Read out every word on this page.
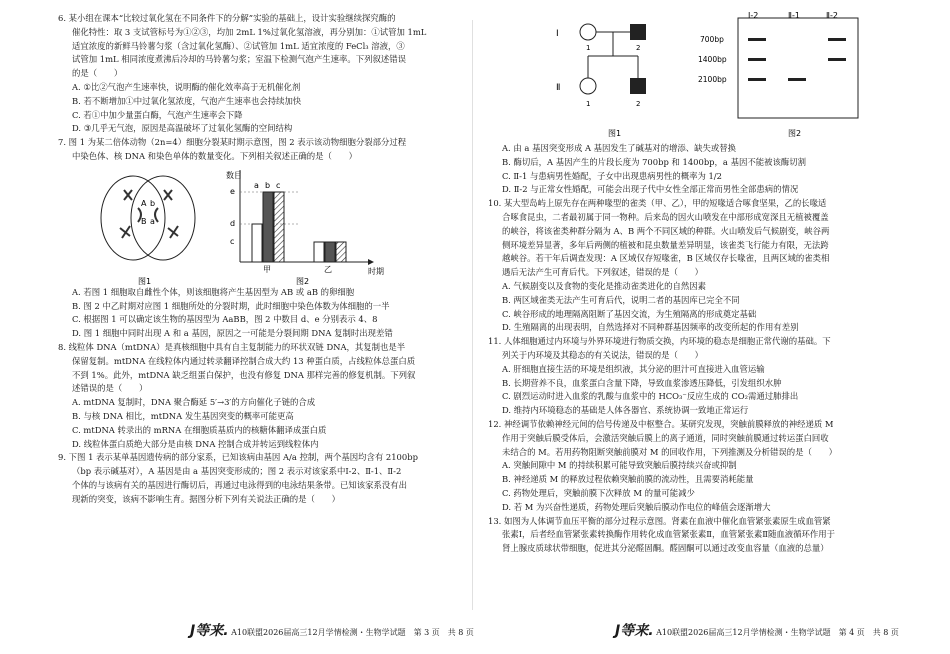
6. 某小组在课本“比较过氧化氢在不同条件下的分解”实验的基础上，设计实验继续探究酶的

催化特性：取 3 支试管标号为①②③，均加 2mL 1%过氧化氢溶液，再分别加：①试管加 1mL

适宜浓度的新鲜马铃薯匀浆（含过氧化氢酶）、②试管加 1mL 适宜浓度的 FeCl₃ 溶液，③

试管加 1mL 相同浓度煮沸后冷却的马铃薯匀浆；室温下检测气泡产生速率。下列叙述错误

的是（　　）

A. ①比②气泡产生速率快，说明酶的催化效率高于无机催化剂

B. 若不断增加①中过氧化氢浓度，气泡产生速率也会持续加快

C. 若①中加少量蛋白酶，气泡产生速率会下降

D. ③几乎无气泡，原因是高温破坏了过氧化氢酶的空间结构

7. 图 1 为某二倍体动物（2n=4）细胞分裂某时期示意图，图 2 表示该动物细胞分裂部分过程

中染色体、核 DNA 和染色单体的数量变化。下列相关叙述正确的是（　　）

A
B
b
a
图1
数目
e
d
c
a b c
甲	乙	时期
图2

A. 若图 1 细胞取自雌性个体，则该细胞将产生基因型为 AB 或 aB 的卵细胞

B. 图 2 中乙时期对应图 1 细胞所处的分裂时期，此时细胞中染色体数为体细胞的一半

C. 根据图 1 可以确定该生物的基因型为 AaBB，图 2 中数目 d、e 分别表示 4、8

D. 图 1 细胞中同时出现 A 和 a 基因，原因之一可能是分裂间期 DNA 复制时出现差错

8. 线粒体 DNA（mtDNA）是真核细胞中具有自主复制能力的环状双链 DNA，其复制也是半

保留复制。mtDNA 在线粒体内通过转录翻译控制合成大约 13 种蛋白质，占线粒体总蛋白质

不到 1%。此外，mtDNA 缺乏组蛋白保护，也没有修复 DNA 那样完善的修复机制。下列叙

述错误的是（　　）

A. mtDNA 复制时，DNA 聚合酶延 5′→3′的方向催化子链的合成

B. 与核 DNA 相比，mtDNA 发生基因突变的概率可能更高

C. mtDNA 转录出的 mRNA 在细胞质基质内的核糖体翻译成蛋白质

D. 线粒体蛋白质绝大部分是由核 DNA 控制合成并转运到线粒体内

9. 下图 1 表示某单基因遗传病的部分家系，已知该病由基因 A/a 控制，两个基因均含有 2100bp

（bp 表示碱基对），A 基因是由 a 基因突变形成的；图 2 表示对该家系中Ⅰ-2、Ⅱ-1、Ⅱ-2

个体的与该病有关的基因进行酶切后，再通过电泳得到的电泳结果条带。已知该家系没有出

现新的突变，该病不影响生育。据图分析下列有关说法正确的是（　　）

J等来. A10联盟2026届高三12月学情检测・生物学试题　第 3 页　共 8 页
Ⅰ
Ⅱ
1	2
1	2
图1
Ⅰ-2	Ⅱ-1	Ⅱ-2
700bp
1400bp
2100bp
图2

A. 由 a 基因突变形成 A 基因发生了碱基对的增添、缺失或替换

B. 酶切后，A 基因产生的片段长度为 700bp 和 1400bp，a 基因不能被该酶切割

C. Ⅱ-1 与患病男性婚配，子女中出现患病男性的概率为 1/2

D. Ⅱ-2 与正常女性婚配，可能会出现子代中女性全部正常而男性全部患病的情况

10. 某大型岛屿上原先存在两种喙型的雀类（甲、乙），甲的短喙适合啄食坚果，乙的长喙适

合啄食昆虫，二者最初属于同一物种。后来岛的因火山喷发在中部形成宽深且无植被覆盖

的峡谷，将该雀类种群分隔为 A、B 两个不同区域的种群。火山喷发后气候剧变，峡谷两

侧环境差异显著，多年后两侧的植被和昆虫数量差异明显，该雀类飞行能力有限，无法跨

越峡谷。若干年后调查发现：A 区域仅存短喙雀，B 区域仅存长喙雀，且两区域的雀类相

遇后无法产生可育后代。下列叙述，错误的是（　　）

A. 气候剧变以及食物的变化是推动雀类进化的自然因素

B. 两区域雀类无法产生可育后代，说明二者的基因库已完全不同

C. 峡谷形成的地理隔离阻断了基因交流，为生殖隔离的形成奠定基础

D. 生殖隔离的出现表明，自然选择对不同种群基因频率的改变所起的作用有差别

11. 人体细胞通过内环境与外界环境进行物质交换，内环境的稳态是细胞正常代谢的基础。下

列关于内环境及其稳态的有关说法，错误的是（　　）

A. 肝细胞直接生活的环境是组织液，其分泌的胆汁可直接进入血管运输

B. 长期营养不良，血浆蛋白含量下降，导致血浆渗透压降低，引发组织水肿

C. 剧烈运动时进入血浆的乳酸与血浆中的 HCO₃⁻反应生成的 CO₂需通过肺排出

D. 维持内环境稳态的基础是人体各器官、系统协调一致地正常运行

12. 神经调节依赖神经元间的信号传递及中枢整合。某研究发现，突触前膜释放的神经递质 M

作用于突触后膜受体后，会激活突触后膜上的离子通道，同时突触前膜通过转运蛋白回收

未结合的 M。若用药物阻断突触前膜对 M 的回收作用，下列推测及分析错误的是（　　）

A. 突触间隙中 M 的持续积累可能导致突触后膜持续兴奋或抑制

B. 神经递质 M 的释放过程依赖突触前膜的流动性，且需要消耗能量

C. 药物处理后，突触前膜下次释放 M 的量可能减少

D. 若 M 为兴奋性递质，药物处理后突触后膜动作电位的峰值会逐渐增大

13. 如图为人体调节血压平衡的部分过程示意图。肾素在血液中催化血管紧张素原生成血管紧

张素Ⅰ，后者经血管紧张素转换酶作用转化成血管紧张素Ⅱ，血管紧张素Ⅱ随血液循环作用于

肾上腺皮质球状带细胞，促进其分泌醛固酮。醛固酮可以通过改变血容量（血液的总量）

J等来. A10联盟2026届高三12月学情检测・生物学试题　第 4 页　共 8 页
